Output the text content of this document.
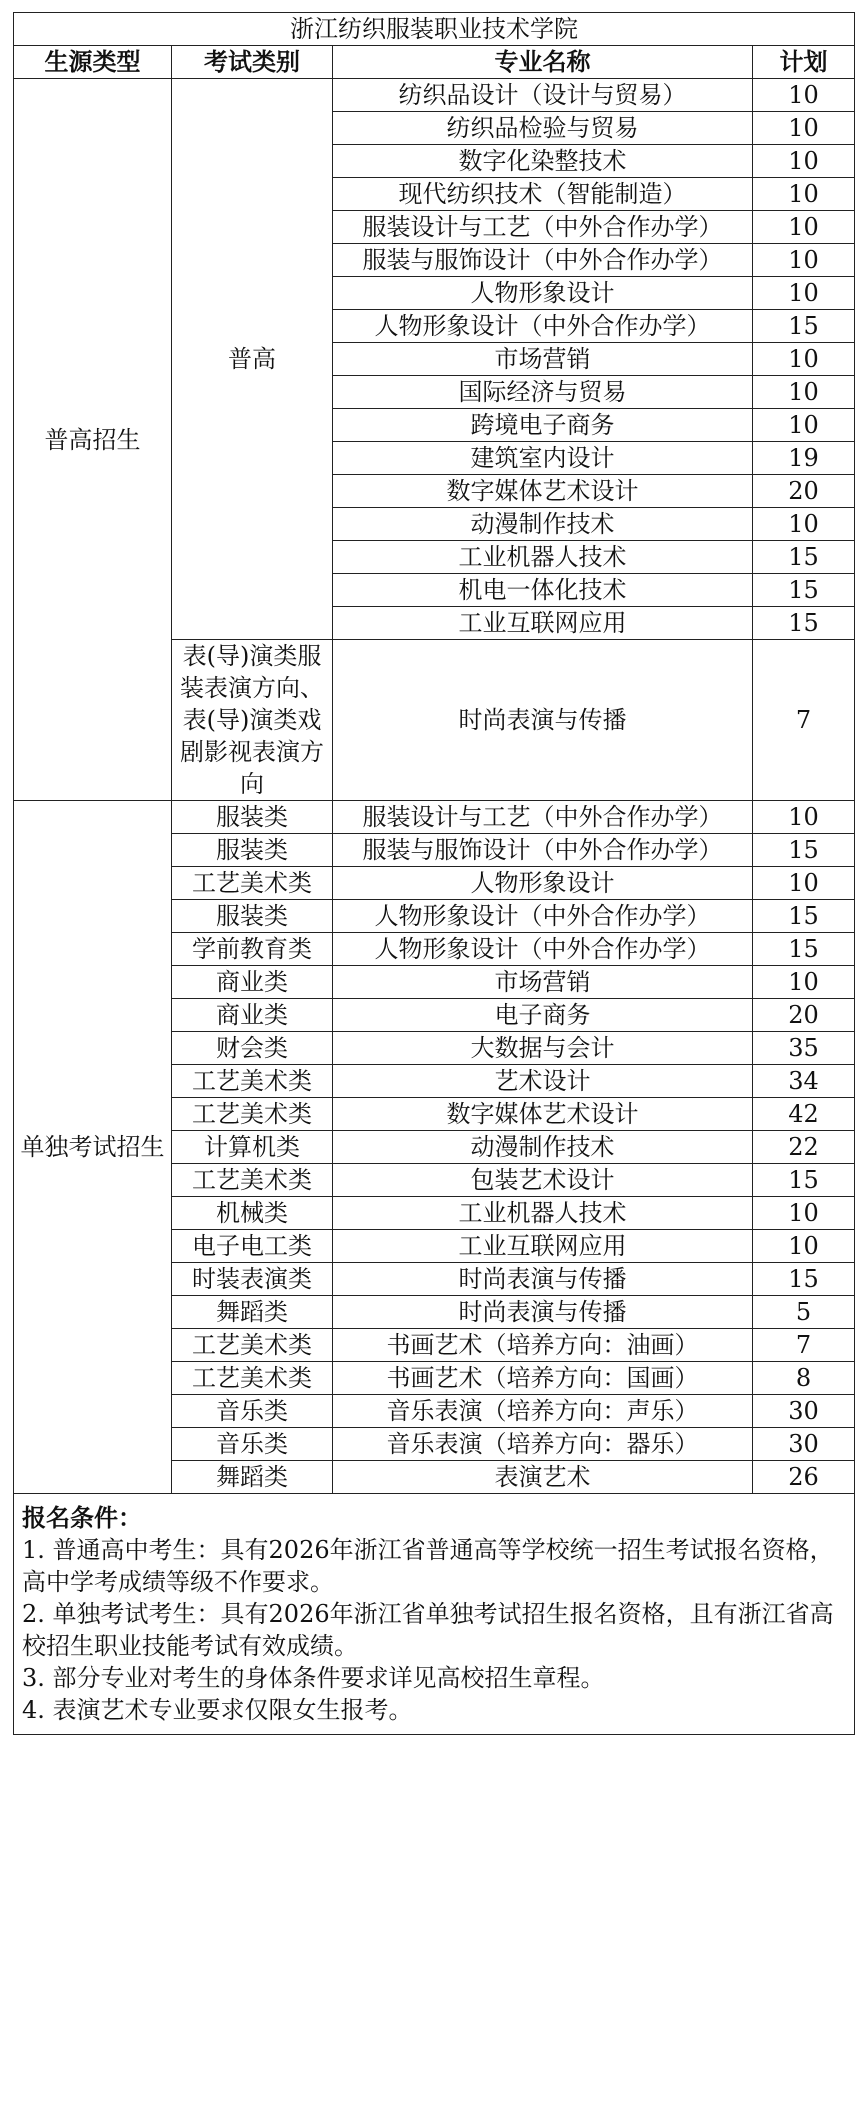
浙江纺织服装职业技术学院			
生源类型	考试类别	专业名称	计划
普高招生	普高	纺织品设计（设计与贸易）	10
		纺织品检验与贸易	10
		数字化染整技术	10
		现代纺织技术（智能制造）	10
		服装设计与工艺（中外合作办学）	10
		服装与服饰设计（中外合作办学）	10
		人物形象设计	10
		人物形象设计（中外合作办学）	15
		市场营销	10
		国际经济与贸易	10
		跨境电子商务	10
		建筑室内设计	19
		数字媒体艺术设计	20
		动漫制作技术	10
		工业机器人技术	15
		机电一体化技术	15
		工业互联网应用	15
	表(导)演类服装表演方向、表(导)演类戏剧影视表演方向	时尚表演与传播	7
单独考试招生	服装类	服装设计与工艺（中外合作办学）	10
	服装类	服装与服饰设计（中外合作办学）	15
	工艺美术类	人物形象设计	10
	服装类	人物形象设计（中外合作办学）	15
	学前教育类	人物形象设计（中外合作办学）	15
	商业类	市场营销	10
	商业类	电子商务	20
	财会类	大数据与会计	35
	工艺美术类	艺术设计	34
	工艺美术类	数字媒体艺术设计	42
	计算机类	动漫制作技术	22
	工艺美术类	包装艺术设计	15
	机械类	工业机器人技术	10
	电子电工类	工业互联网应用	10
	时装表演类	时尚表演与传播	15
	舞蹈类	时尚表演与传播	5
	工艺美术类	书画艺术（培养方向：油画）	7
	工艺美术类	书画艺术（培养方向：国画）	8
	音乐类	音乐表演（培养方向：声乐）	30
	音乐类	音乐表演（培养方向：器乐）	30
	舞蹈类	表演艺术	26

报名条件：
1. 普通高中考生：具有2026年浙江省普通高等学校统一招生考试报名资格，高中学考成绩等级不作要求。
2. 单独考试考生：具有2026年浙江省单独考试招生报名资格，且有浙江省高校招生职业技能考试有效成绩。
3. 部分专业对考生的身体条件要求详见高校招生章程。
4. 表演艺术专业要求仅限女生报考。			
